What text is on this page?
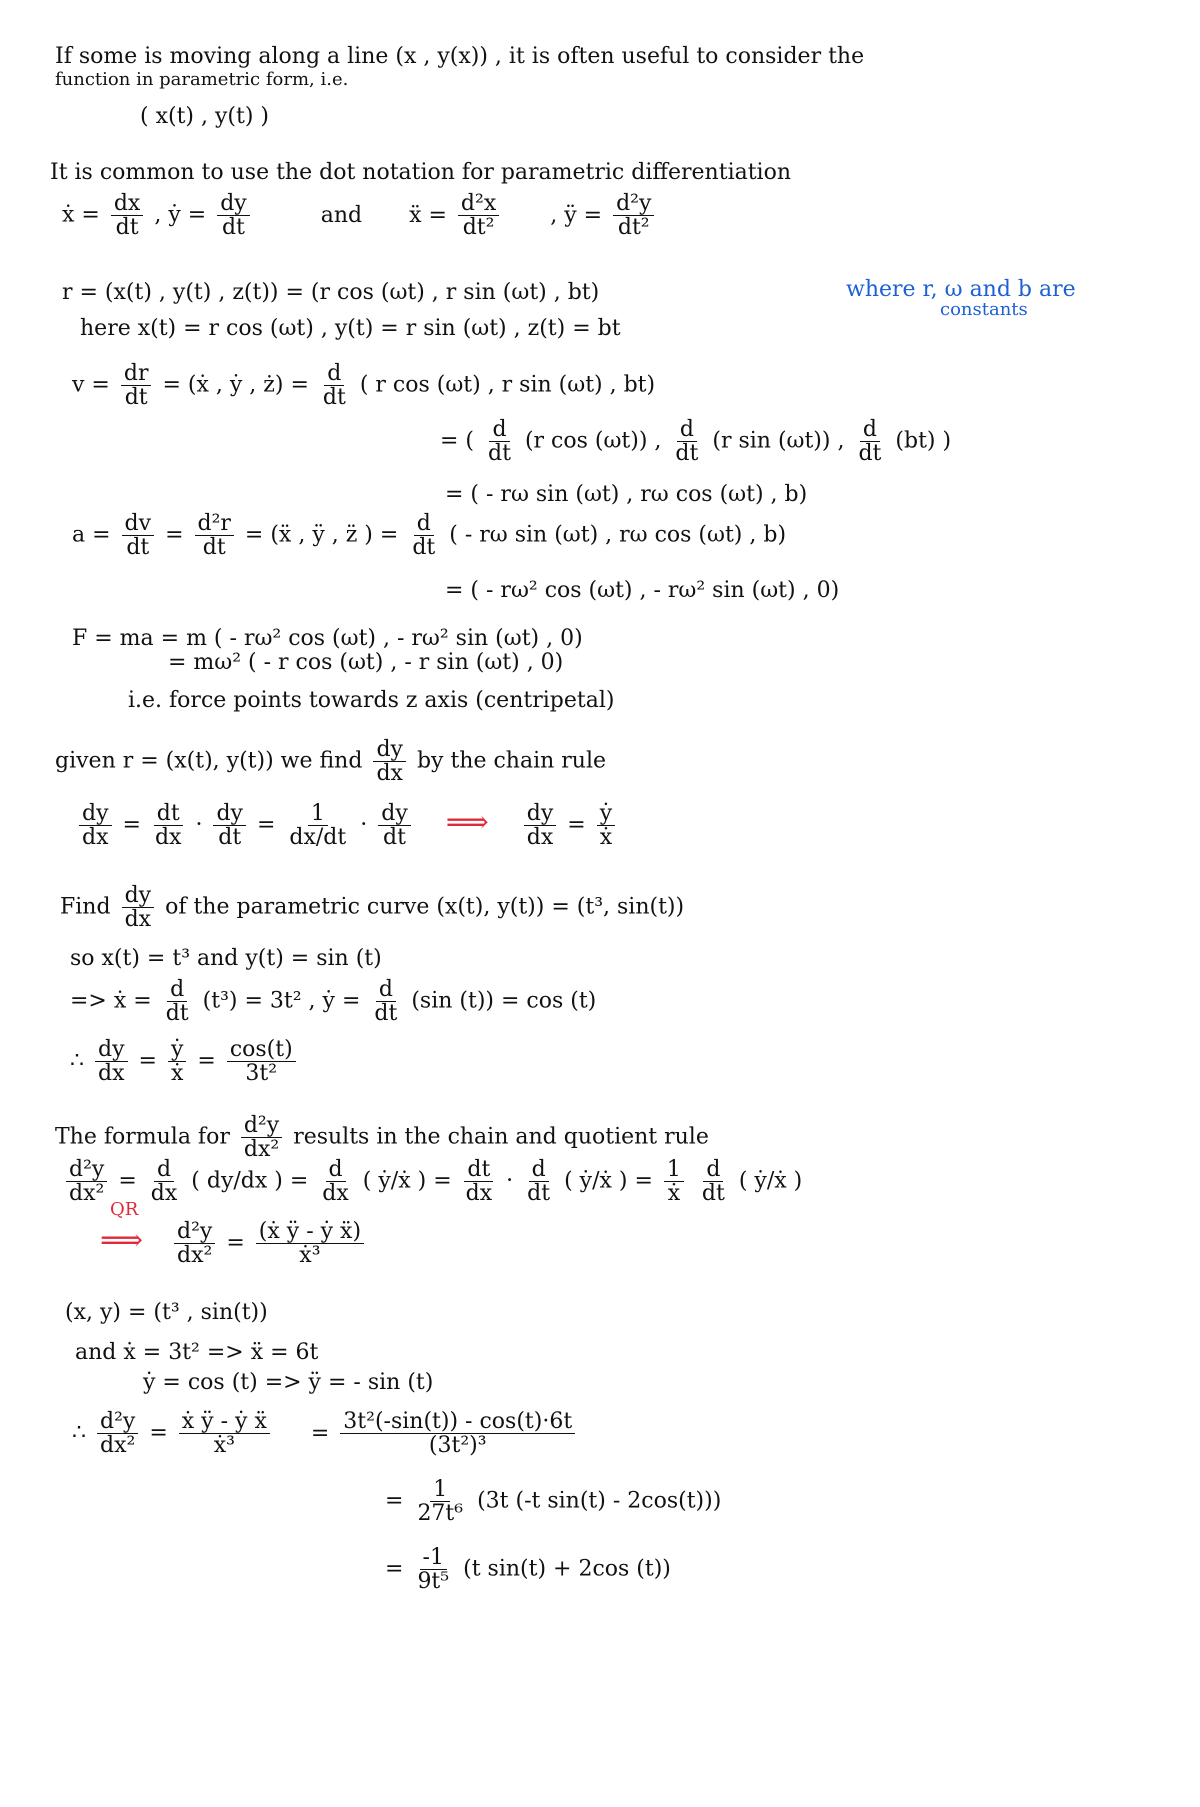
If some is moving along a line (x , y(x)) , it is often useful to consider the
function in parametric form, i.e.
( x(t) , y(t) )
It is common to use the dot notation for parametric differentiation
ẋ = $\frac{dx}{dt}$ , ẏ = $\frac{dy}{dt}$	and ẍ = $\frac{\text{d²x}}{\text{dt²}}$ , ÿ = $\frac{\text{d²y}}{\text{dt²}}$
r = (x(t) , y(t) , z(t)) = (r cos (ωt) , r sin (ωt) , bt)	where r, ω and b are
constants
here x(t) = r cos (ωt) , y(t) = r sin (ωt) , z(t) = bt
$v = \frac{dr}{dt}$ = (ẋ , ẏ , ż) = $\frac{d}{dt}$ ( r cos (ωt) , r sin (ωt) , bt)
= ( $\frac{d}{dt} (r$ cos (ωt)) , $\frac{d}{dt} (r$ sin (ωt)) , $\frac{d}{dt} (bt)$ )
= ( - rω sin (ωt) , rω cos (ωt) , b)
$a = \frac{dv}{dt} = \frac{\text{d²r}}{dt}$ = (ẍ , ÿ , z̈ ) = $\frac{d}{dt}$ ( - rω sin (ωt) , rω cos (ωt) , b)
= ( - rω² cos (ωt) , - rω² sin (ωt) , 0)
F = ma = m ( - rω² cos (ωt) , - rω² sin (ωt) , 0)
= mω² ( - r cos (ωt) , - r sin (ωt) , 0)
i.e. force points towards z axis (centripetal)
given r = (x(t), y(t)) we find $\frac{dy}{dx}$ by the chain rule
$\frac{dy}{dx} = \frac{dt}{dx} \cdot \frac{dy}{dt} = \frac{1}{dx/dt} \cdot \frac{dy}{dt}$ ⟹ $\frac{dy}{dx} = \frac{\text{ẏ}}{\text{ẋ}}$
Find $\frac{dy}{dx}$ of the parametric curve (x(t), y(t)) = (t³, sin(t))
so x(t) = t³ and y(t) = sin (t)
=> ẋ = $\frac{d}{dt} (t^3) = 3t^2$ , ẏ = $\frac{d}{dt} (\sin$ (t)) = cos (t)
∴ $\frac{dy}{dx} = \frac{\text{ẏ}}{\text{ẋ}} = \frac{\cos(t)}{\text{3t²}}$
The formula for $\frac{\text{d²y}}{\text{dx²}}$ results in the chain and quotient rule
$\frac{\text{d²y}}{\text{dx²}} = \frac{d}{dx}$ ( dy/dx ) = $\frac{d}{dx}$ ( ẏ/ẋ ) = $\frac{dt}{dx} \cdot \frac{d}{dt}$ ( ẏ/ẋ ) = $\frac{1}{\text{ẋ}}$
$\frac{d}{dt}$ ( ẏ/ẋ )
QR
⟹ $\frac{\text{d²y}}{\text{dx²}} = \frac{\text{(ẋ ÿ - ẏ ẍ)}}{\text{ẋ³}}$
(x, y) = (t³ , sin(t))
and ẋ = 3t² => ẍ = 6t
ẏ = cos (t) => ÿ = - sin (t)
∴ $\frac{\text{d²y}}{\text{dx²}} = \frac{\text{ẋ ÿ - ẏ ẍ}}{\text{ẋ³}} = \frac{\text{3t²(-sin(t)) - cos(t)·6t}}{\text{(3t²)³}}$
= $\frac{1}{\text{27t⁶}} (3t$ (-t sin(t) - 2cos(t)))
= $\frac{-1}{\text{9t⁵}} (t$ sin(t) + 2cos (t))
